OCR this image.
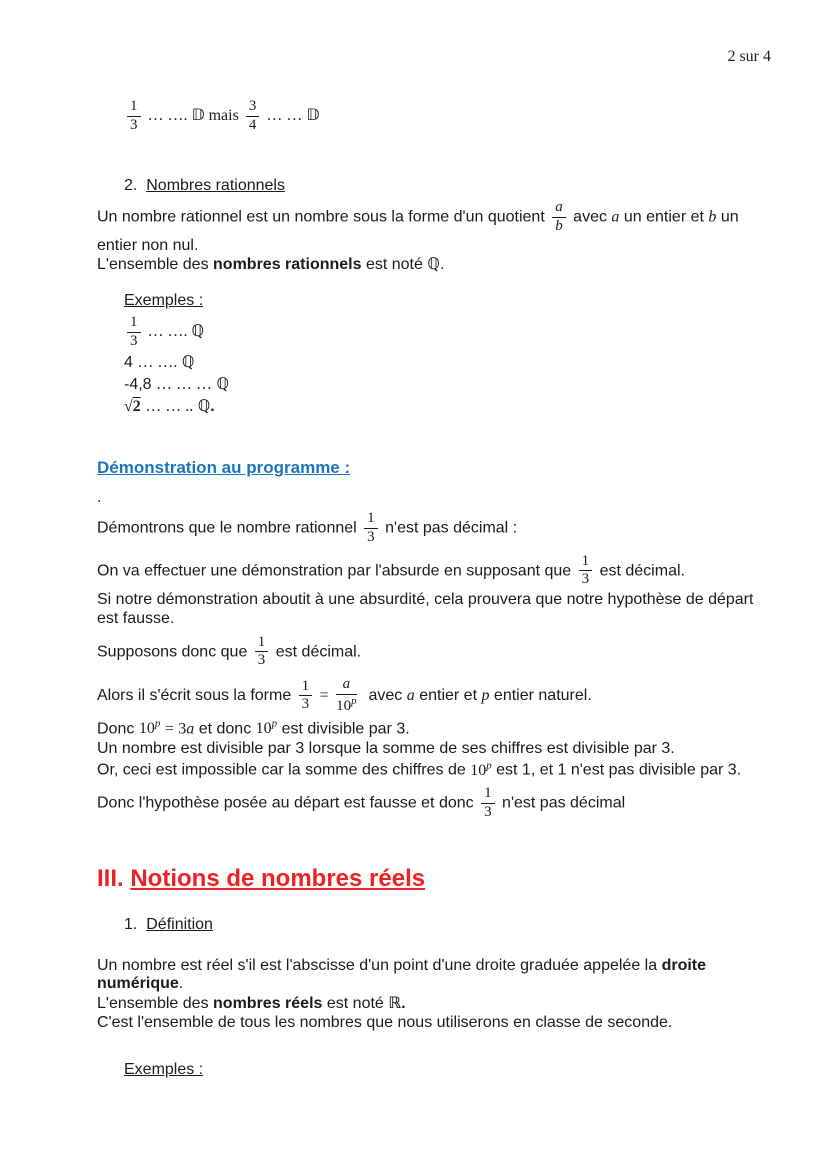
2 sur 4
$\frac{1}{3}$ … …. 𝔻 mais $\frac{3}{4}$ … … 𝔻
2. Nombres rationnels
Un nombre rationnel est un nombre sous la forme d'un quotient $\frac{a}{b}$ avec a un entier et b un entier non nul.
L'ensemble des nombres rationnels est noté ℚ.
Exemples :
$\frac{1}{3}$ … …. ℚ
4 … …. ℚ
-4,8 … … … ℚ
√2 … … .. ℚ.
Démonstration au programme :
.
Démontrons que le nombre rationnel $\frac{1}{3} n'est$ pas décimal :
On va effectuer une démonstration par l'absurde en supposant que $\frac{1}{3}$ est décimal.
Si notre démonstration aboutit à une absurdité, cela prouvera que notre hypothèse de départ est fausse.
Supposons donc que $\frac{1}{3}$ est décimal.
Alors il s'écrit sous la forme $\frac{1}{3} = \frac{a}{10^p}$ avec a entier et p entier naturel.
Donc $10^p = 3a$ et donc 10$^p$ est divisible par 3.
Un nombre est divisible par 3 lorsque la somme de ses chiffres est divisible par 3.
Or, ceci est impossible car la somme des chiffres de 10$^p$ est 1, et 1 n'est pas divisible par 3.
Donc l'hypothèse posée au départ est fausse et donc $\frac{1}{3} n'est$ pas décimal
III. Notions de nombres réels
1. Définition
Un nombre est réel s'il est l'abscisse d'un point d'une droite graduée appelée la droite numérique.
L'ensemble des nombres réels est noté ℝ.
C'est l'ensemble de tous les nombres que nous utiliserons en classe de seconde.
Exemples :
